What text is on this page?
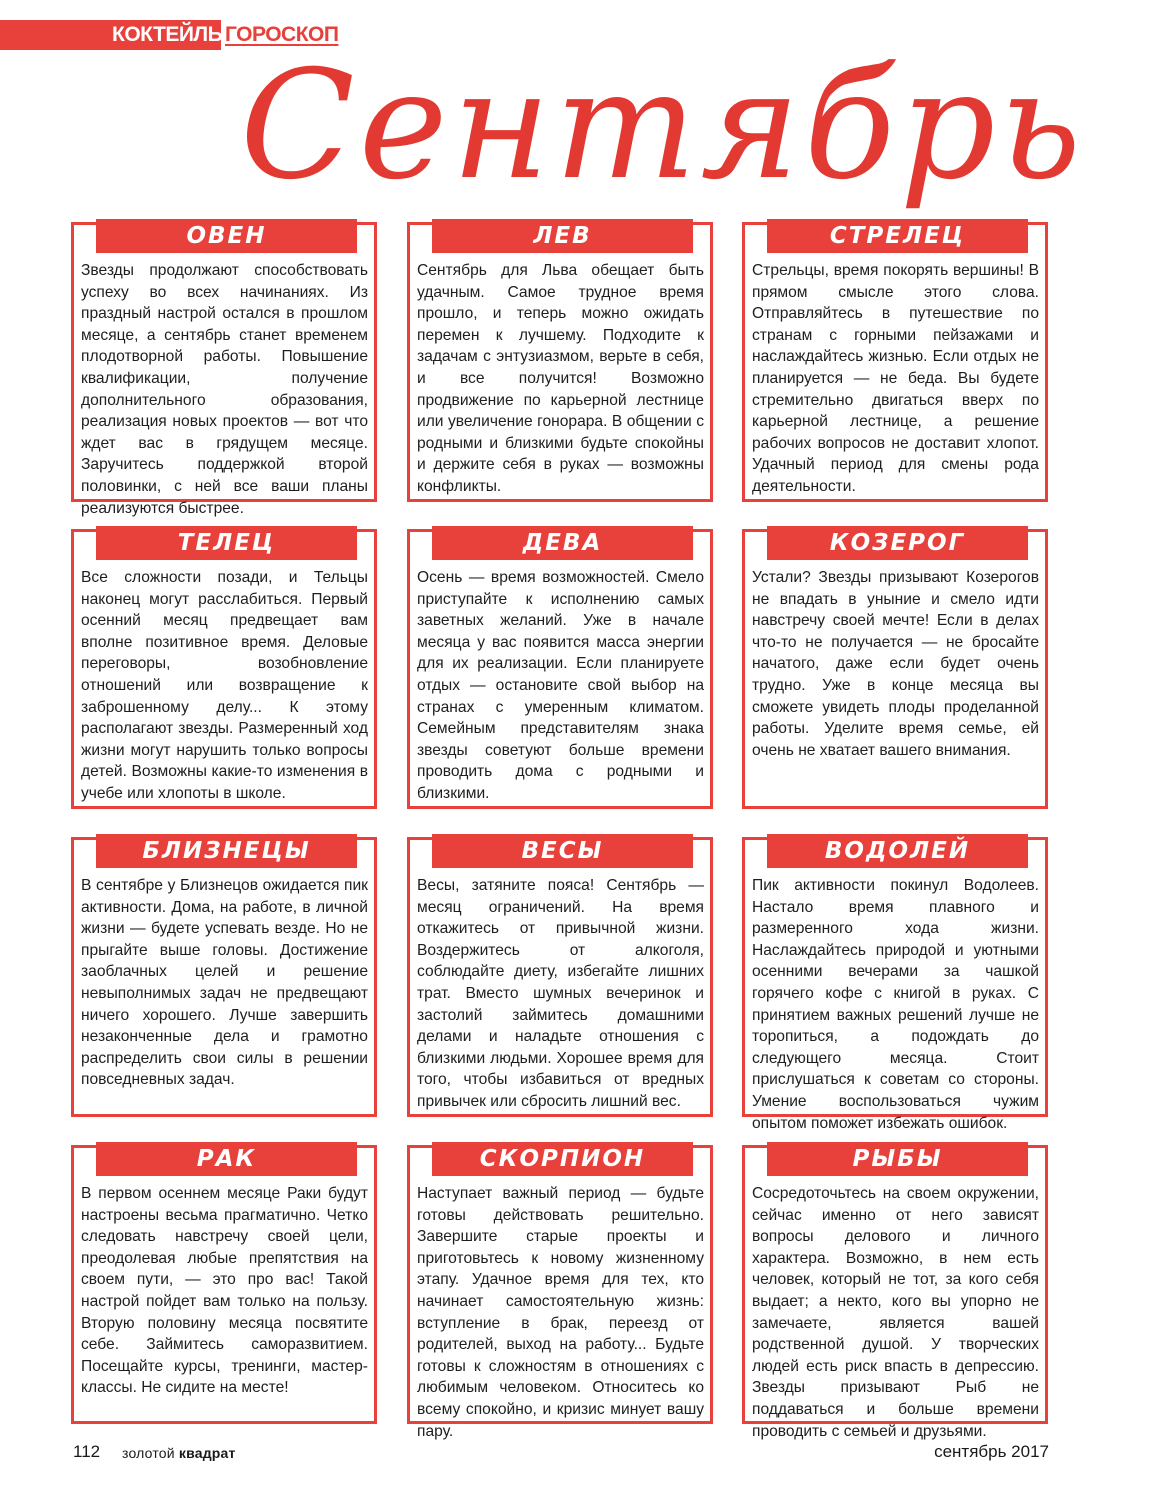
КОКТЕЙЛЬ ГОРОСКОП
Сентябрь
ОВЕН
Звезды продолжают способствовать успеху во всех начинаниях. Из праздный настрой остался в прошлом месяце, а сентябрь станет временем плодотворной работы. Повышение квалификации, получение дополнительного образования, реализация новых проектов — вот что ждет вас в грядущем месяце. Заручитесь поддержкой второй половинки, с ней все ваши планы реализуются быстрее.
ЛЕВ
Сентябрь для Льва обещает быть удачным. Самое трудное время прошло, и теперь можно ожидать перемен к лучшему. Подходите к задачам с энтузиазмом, верьте в себя, и все получится! Возможно продвижение по карьерной лестнице или увеличение гонорара. В общении с родными и близкими будьте спокойны и держите себя в руках — возможны конфликты.
СТРЕЛЕЦ
Стрельцы, время покорять вершины! В прямом смысле этого слова. Отправляйтесь в путешествие по странам с горными пейзажами и наслаждайтесь жизнью. Если отдых не планируется — не беда. Вы будете стремительно двигаться вверх по карьерной лестнице, а решение рабочих вопросов не доставит хлопот. Удачный период для смены рода деятельности.
ТЕЛЕЦ
Все сложности позади, и Тельцы наконец могут расслабиться. Первый осенний месяц предвещает вам вполне позитивное время. Деловые переговоры, возобновление отношений или возвращение к заброшенному делу... К этому располагают звезды. Размеренный ход жизни могут нарушить только вопросы детей. Возможны какие-то изменения в учебе или хлопоты в школе.
ДЕВА
Осень — время возможностей. Смело приступайте к исполнению самых заветных желаний. Уже в начале месяца у вас появится масса энергии для их реализации. Если планируете отдых — остановите свой выбор на странах с умеренным климатом. Семейным представителям знака звезды советуют больше времени проводить дома с родными и близкими.
КОЗЕРОГ
Устали? Звезды призывают Козерогов не впадать в уныние и смело идти навстречу своей мечте! Если в делах что-то не получается — не бросайте начатого, даже если будет очень трудно. Уже в конце месяца вы сможете увидеть плоды проделанной работы. Уделите время семье, ей очень не хватает вашего внимания.
БЛИЗНЕЦЫ
В сентябре у Близнецов ожидается пик активности. Дома, на работе, в личной жизни — будете успевать везде. Но не прыгайте выше головы. Достижение заоблачных целей и решение невыполнимых задач не предвещают ничего хорошего. Лучше завершить незаконченные дела и грамотно распределить свои силы в решении повседневных задач.
ВЕСЫ
Весы, затяните пояса! Сентябрь — месяц ограничений. На время откажитесь от привычной жизни. Воздержитесь от алкоголя, соблюдайте диету, избегайте лишних трат. Вместо шумных вечеринок и застолий займитесь домашними делами и наладьте отношения с близкими людьми. Хорошее время для того, чтобы избавиться от вредных привычек или сбросить лишний вес.
ВОДОЛЕЙ
Пик активности покинул Водолеев. Настало время плавного и размеренного хода жизни. Наслаждайтесь природой и уютными осенними вечерами за чашкой горячего кофе с книгой в руках. С принятием важных решений лучше не торопиться, а подождать до следующего месяца. Стоит прислушаться к советам со стороны. Умение воспользоваться чужим опытом поможет избежать ошибок.
РАК
В первом осеннем месяце Раки будут настроены весьма прагматично. Четко следовать навстречу своей цели, преодолевая любые препятствия на своем пути, — это про вас! Такой настрой пойдет вам только на пользу. Вторую половину месяца посвятите себе. Займитесь саморазвитием. Посещайте курсы, тренинги, мастер-классы. Не сидите на месте!
СКОРПИОН
Наступает важный период — будьте готовы действовать решительно. Завершите старые проекты и приготовьтесь к новому жизненному этапу. Удачное время для тех, кто начинает самостоятельную жизнь: вступление в брак, переезд от родителей, выход на работу... Будьте готовы к сложностям в отношениях с любимым человеком. Относитесь ко всему спокойно, и кризис минует вашу пару.
РЫБЫ
Сосредоточьтесь на своем окружении, сейчас именно от него зависят вопросы делового и личного характера. Возможно, в нем есть человек, который не тот, за кого себя выдает; а некто, кого вы упорно не замечаете, является вашей родственной душой. У творческих людей есть риск впасть в депрессию. Звезды призывают Рыб не поддаваться и больше времени проводить с семьей и друзьями.
112 золотой квадрат	сентябрь 2017
